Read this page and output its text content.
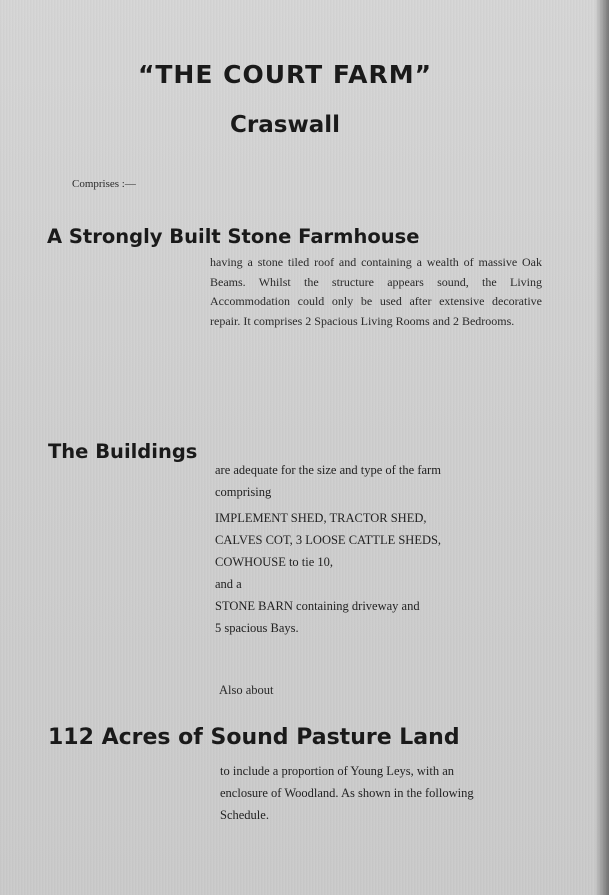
“THE COURT FARM”
Craswall
Comprises :—
A Strongly Built Stone Farmhouse

having a stone tiled roof and containing a wealth of massive Oak Beams. Whilst the structure appears sound, the Living Accommodation could only be used after extensive decorative repair. It comprises 2 Spacious Living Rooms and 2 Bedrooms.

The Buildings
are adequate for the size and type of the farm
comprising
IMPLEMENT SHED, TRACTOR SHED,
CALVES COT, 3 LOOSE CATTLE SHEDS,
COWHOUSE to tie 10,
and a
STONE BARN containing driveway and
5 spacious Bays.
Also about
112 Acres of Sound Pasture Land
to include a proportion of Young Leys, with an
enclosure of Woodland. As shown in the following
Schedule.
